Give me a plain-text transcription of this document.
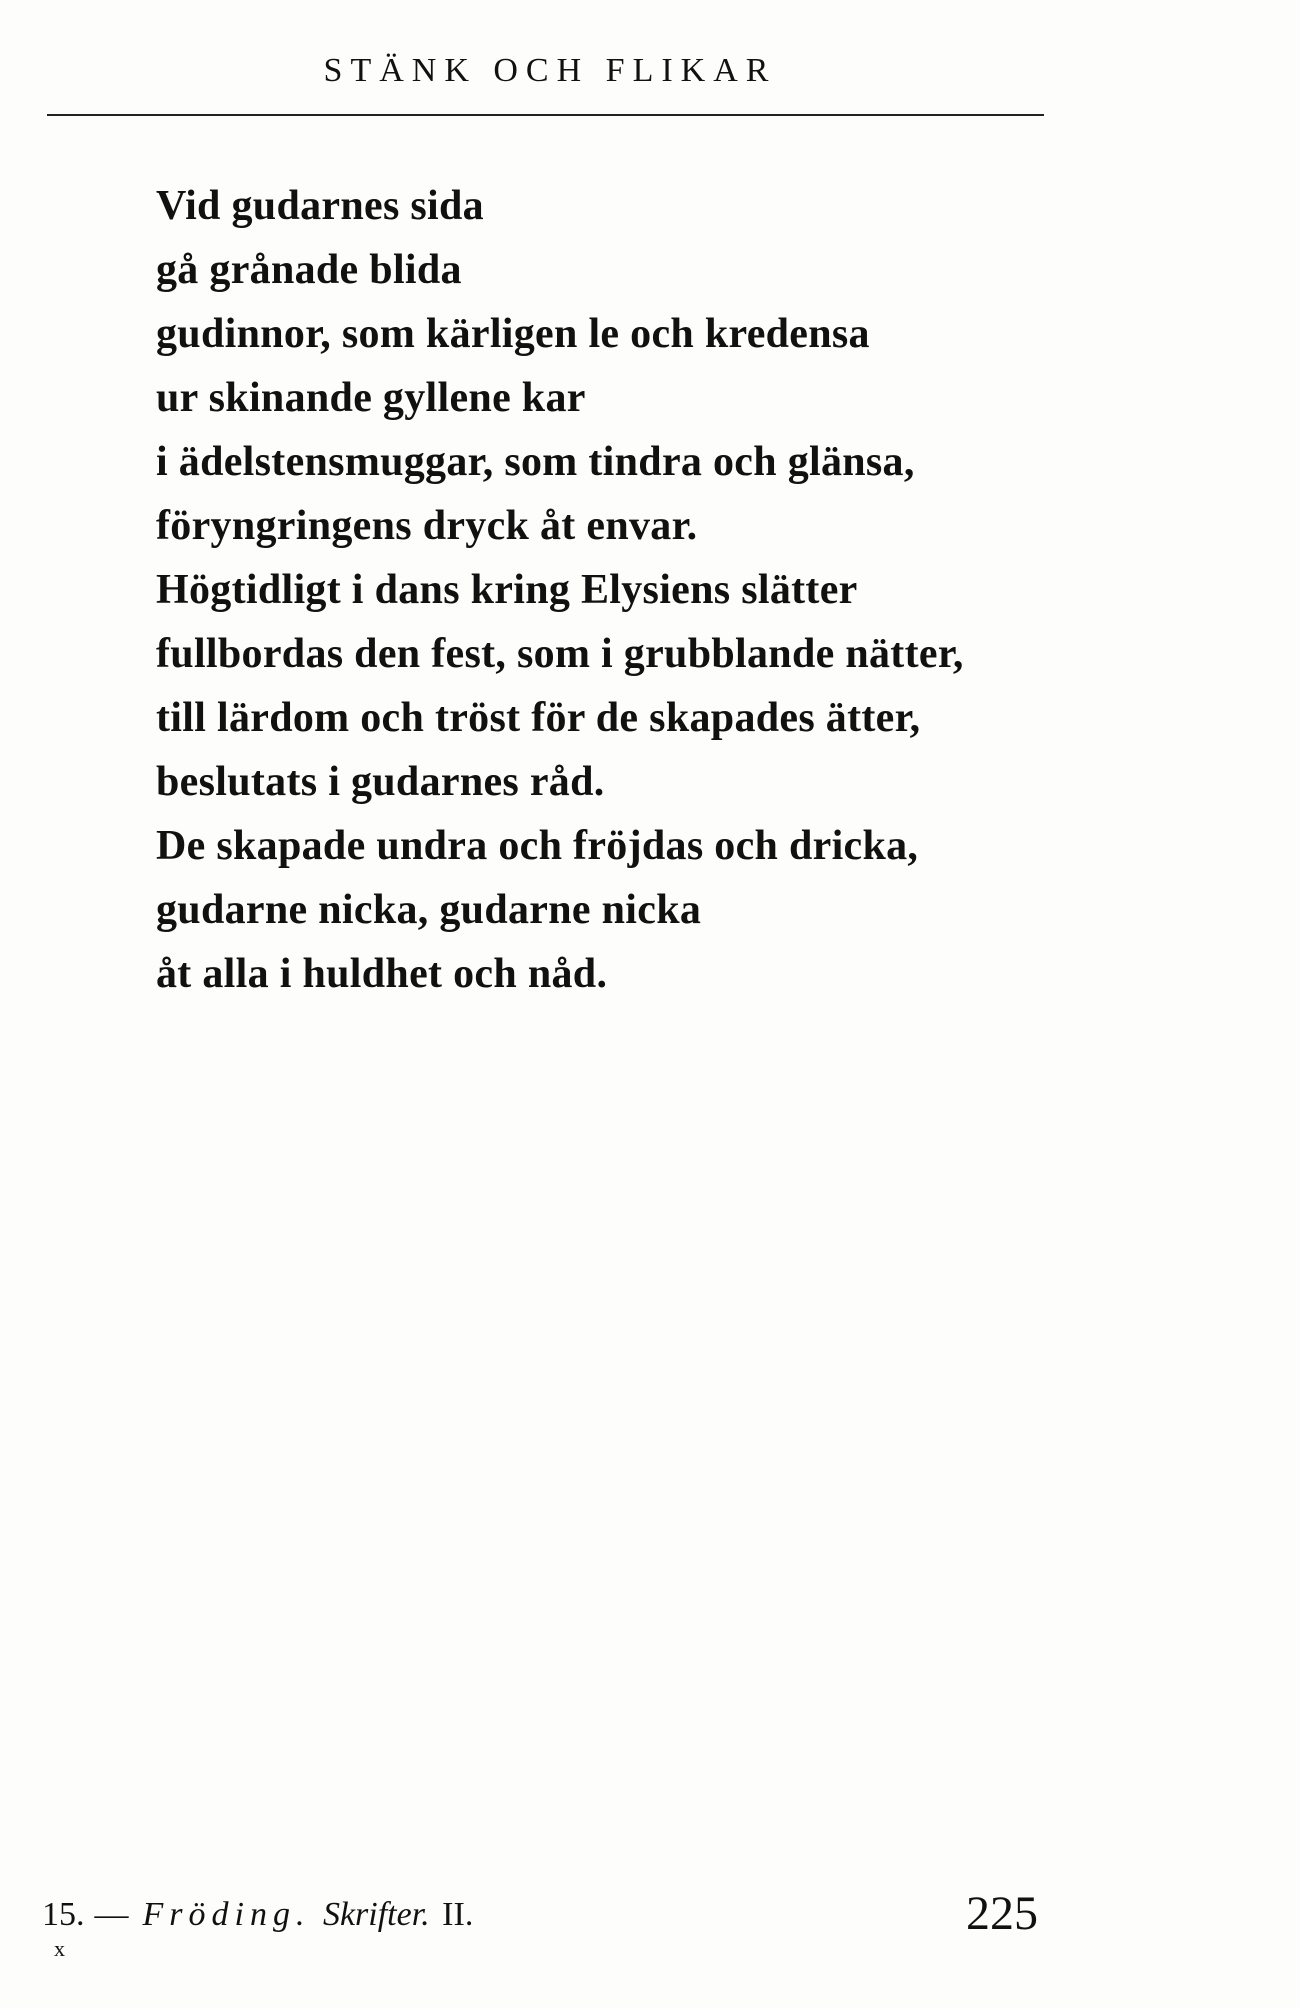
STÄNK OCH FLIKAR
Vid gudarnes sida
gå grånade blida
gudinnor, som kärligen le och kredensa
ur skinande gyllene kar
i ädelstensmuggar, som tindra och glänsa,
föryngringens dryck åt envar.
Högtidligt i dans kring Elysiens slätter
fullbordas den fest, som i grubblande nätter,
till lärdom och tröst för de skapades ätter,
beslutats i gudarnes råd.
De skapade undra och fröjdas och dricka,
gudarne nicka, gudarne nicka
åt alla i huldhet och nåd.
15. — Fröding. Skrifter. II.
x
225
